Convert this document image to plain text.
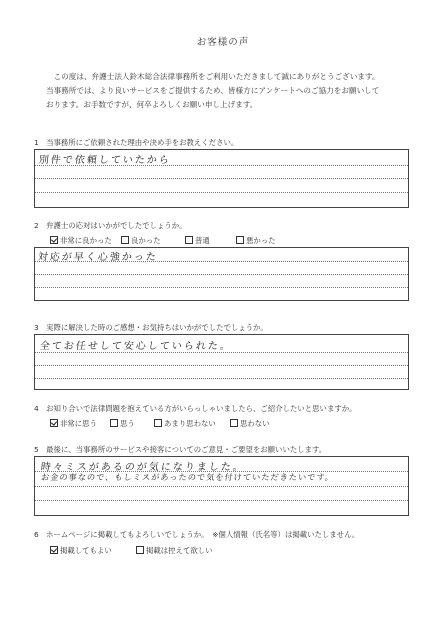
お客様の声
　この度は、弁護士法人鈴木総合法律事務所をご利用いただきまして誠にありがとうございます。
当事務所では、より良いサービスをご提供するため、皆様方にアンケートへのご協力をお願いして
おります。お手数ですが、何卒よろしくお願い申し上げます。
1　当事務所にご依頼された理由や決め手をお教えください。
別件で依頼していたから
2　弁護士の応対はいかがでしたでしょうか。
非常に良かった	良かった	普通	悪かった
対応が早く心強かった
3　実際に解決した時のご感想・お気持ちはいかがでしたでしょうか。
全てお任せして安心していられた。
4　お知り合いで法律問題を抱えている方がいらっしゃいましたら、ご紹介したいと思いますか。
非常に思う	思う	あまり思わない	思わない
5　最後に、当事務所のサービスや接客についてのご意見・ご要望をお願いいたします。
時々ミスがあるのが気になりました。
お金の事なので、もしミスがあったので気を付けていただきたいです。
6　ホームページに掲載してもよろしいでしょうか。　※個人情報（氏名等）は掲載いたしません。
掲載してもよい	掲載は控えて欲しい
